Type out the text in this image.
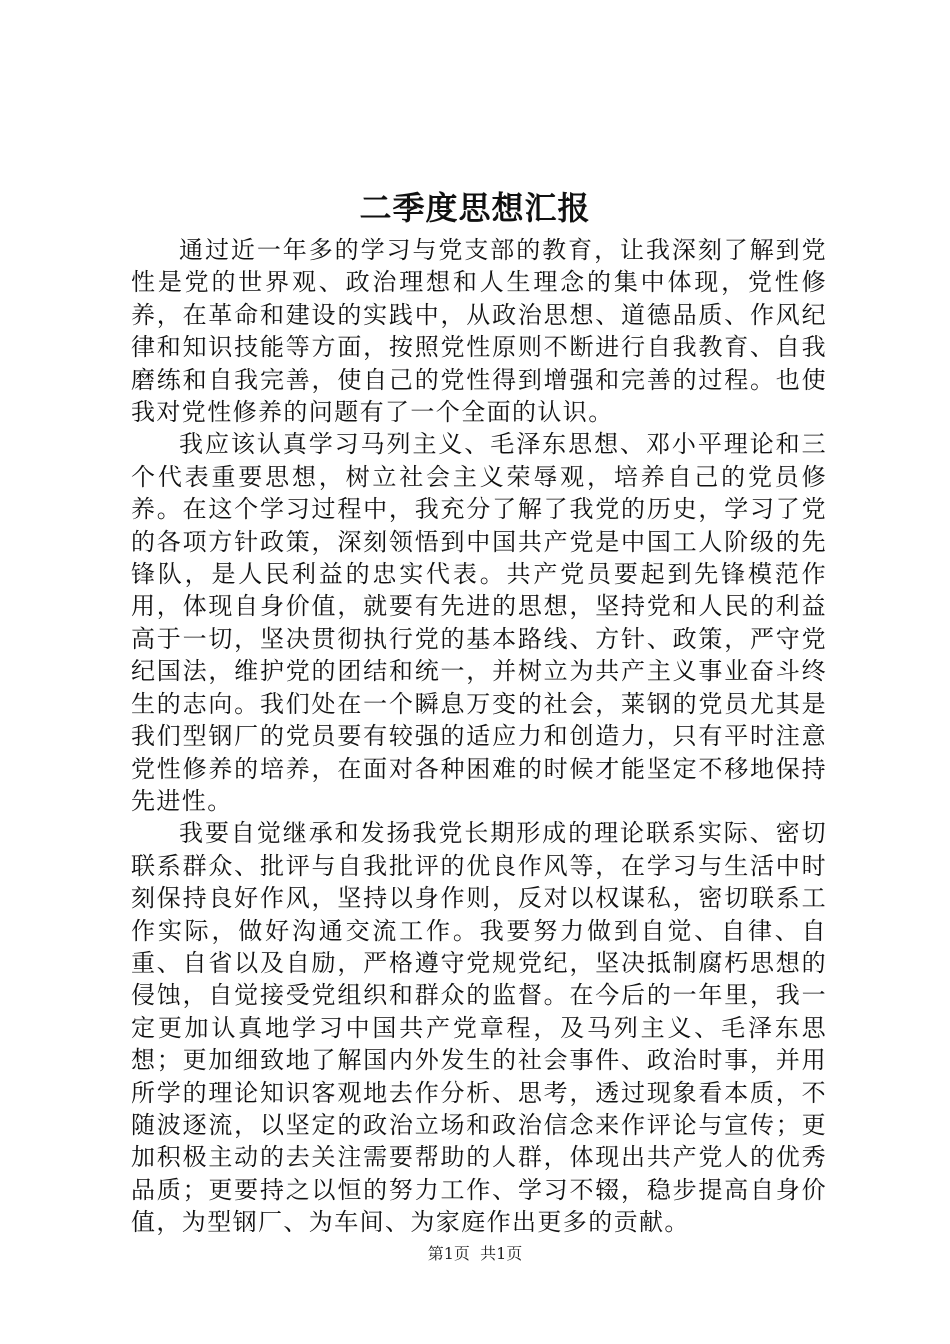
二季度思想汇报

通过近一年多的学习与党支部的教育，让我深刻了解到党性是党的世界观、政治理想和人生理念的集中体现，党性修养，在革命和建设的实践中，从政治思想、道德品质、作风纪律和知识技能等方面，按照党性原则不断进行自我教育、自我磨练和自我完善，使自己的党性得到增强和完善的过程。也使我对党性修养的问题有了一个全面的认识。

我应该认真学习马列主义、毛泽东思想、邓小平理论和三个代表重要思想，树立社会主义荣辱观，培养自己的党员修养。在这个学习过程中，我充分了解了我党的历史，学习了党的各项方针政策，深刻领悟到中国共产党是中国工人阶级的先锋队，是人民利益的忠实代表。共产党员要起到先锋模范作用，体现自身价值，就要有先进的思想，坚持党和人民的利益高于一切，坚决贯彻执行党的基本路线、方针、政策，严守党纪国法，维护党的团结和统一，并树立为共产主义事业奋斗终生的志向。我们处在一个瞬息万变的社会，莱钢的党员尤其是我们型钢厂的党员要有较强的适应力和创造力，只有平时注意党性修养的培养，在面对各种困难的时候才能坚定不移地保持先进性。

我要自觉继承和发扬我党长期形成的理论联系实际、密切联系群众、批评与自我批评的优良作风等，在学习与生活中时刻保持良好作风，坚持以身作则，反对以权谋私，密切联系工作实际，做好沟通交流工作。我要努力做到自觉、自律、自重、自省以及自励，严格遵守党规党纪，坚决抵制腐朽思想的侵蚀，自觉接受党组织和群众的监督。在今后的一年里，我一定更加认真地学习中国共产党章程，及马列主义、毛泽东思想；更加细致地了解国内外发生的社会事件、政治时事，并用所学的理论知识客观地去作分析、思考，透过现象看本质，不随波逐流，以坚定的政治立场和政治信念来作评论与宣传；更加积极主动的去关注需要帮助的人群，体现出共产党人的优秀品质；更要持之以恒的努力工作、学习不辍，稳步提高自身价值，为型钢厂、为车间、为家庭作出更多的贡献。

第1页 共1页
